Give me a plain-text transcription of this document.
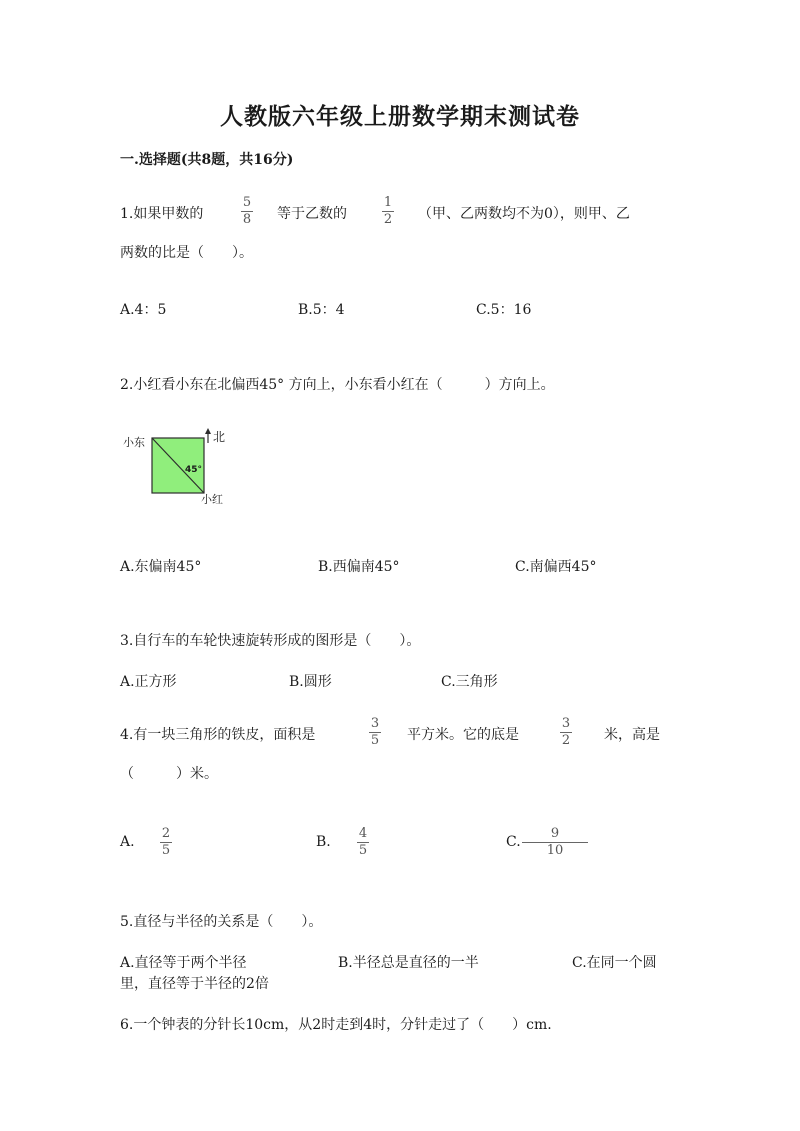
人教版六年级上册数学期末测试卷
一.选择题(共8题，共16分)
1.如果甲数的
5
8 等于乙数的
1
2 （甲、乙两数均不为0），则甲、乙
两数的比是（　　）。
A.4：5	B.5：4	C.5：16
2.小红看小东在北偏西45° 方向上，小东看小红在（　　　）方向上。
小东	北
45°
小红
A.东偏南45°	B.西偏南45°	C.南偏西45°
3.自行车的车轮快速旋转形成的图形是（　　）。
A.正方形	B.圆形	C.三角形
4.有一块三角形的铁皮，面积是
3
5 平方米。它的底是
3
2 米，高是
（　　　）米。
A.
2
5
B.
4
5
C.
9
10
5.直径与半径的关系是（　　）。
A.直径等于两个半径	B.半径总是直径的一半	C.在同一个圆
里，直径等于半径的2倍
6.一个钟表的分针长10cm，从2时走到4时，分针走过了（　　）cm.
